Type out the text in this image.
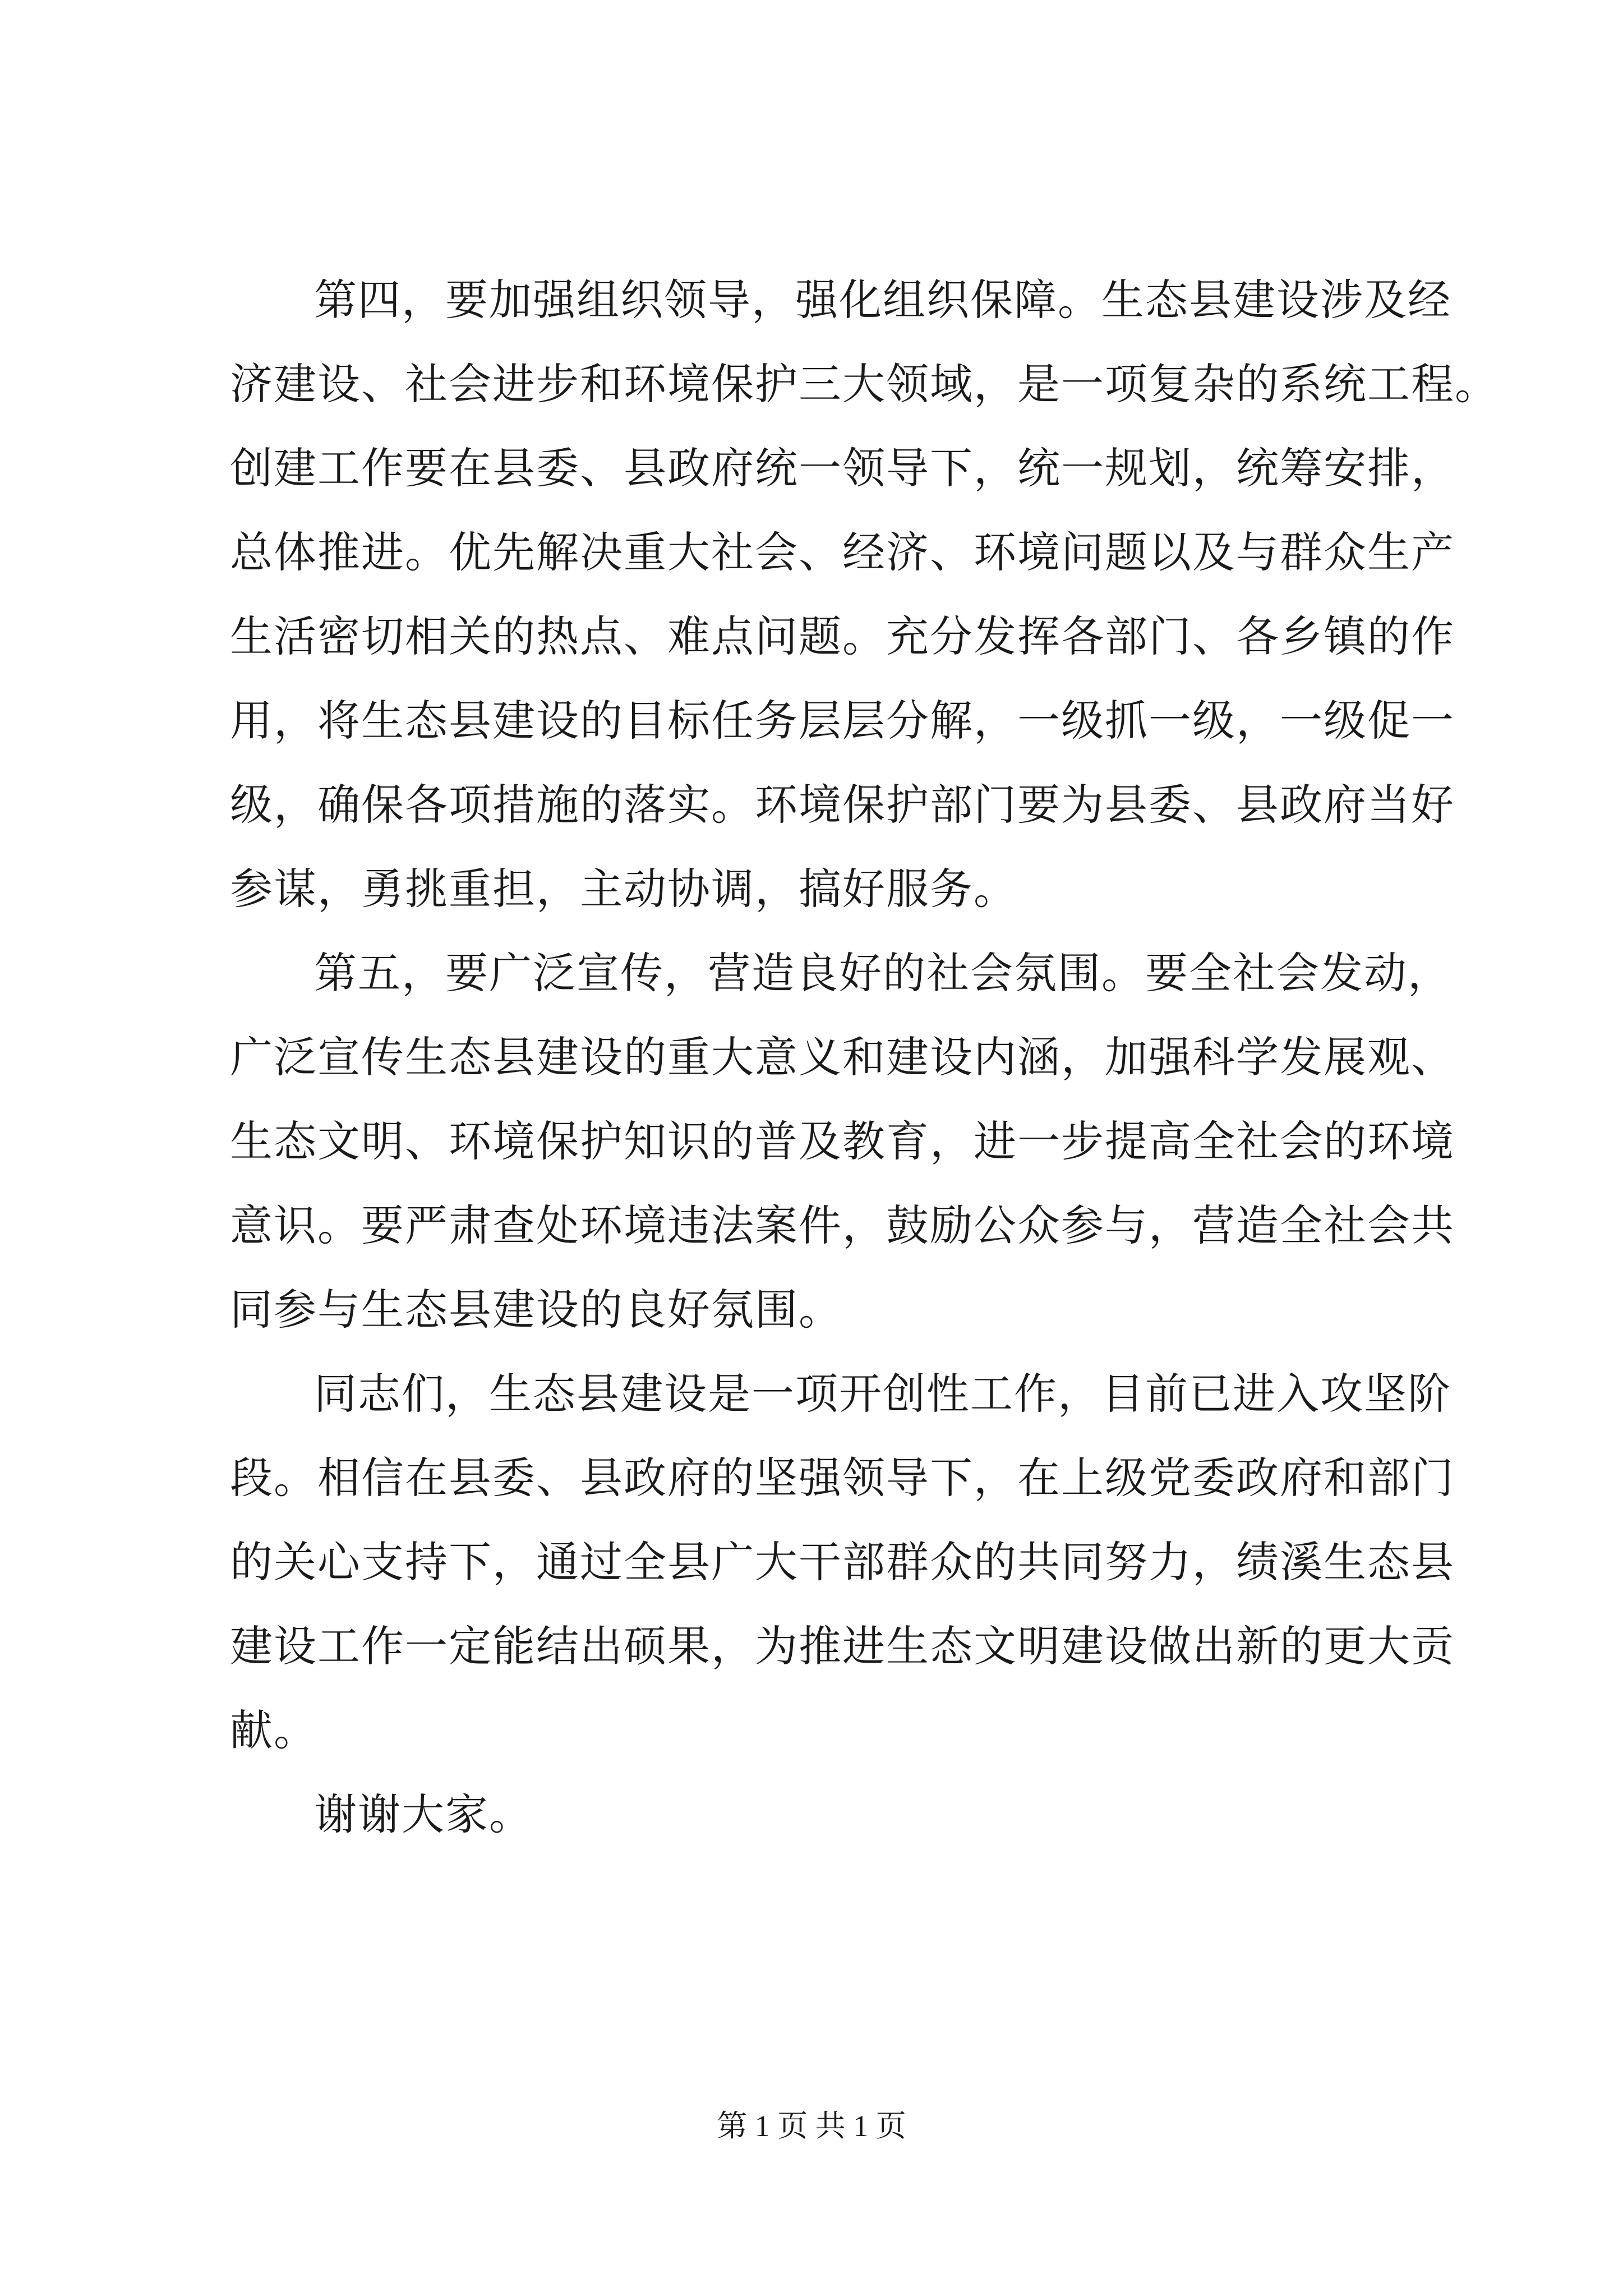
第四，要加强组织领导，强化组织保障。生态县建设涉及经
济建设、社会进步和环境保护三大领域，是一项复杂的系统工程。
创建工作要在县委、县政府统一领导下，统一规划，统筹安排，
总体推进。优先解决重大社会、经济、环境问题以及与群众生产
生活密切相关的热点、难点问题。充分发挥各部门、各乡镇的作
用，将生态县建设的目标任务层层分解，一级抓一级，一级促一
级，确保各项措施的落实。环境保护部门要为县委、县政府当好
参谋，勇挑重担，主动协调，搞好服务。
第五，要广泛宣传，营造良好的社会氛围。要全社会发动，
广泛宣传生态县建设的重大意义和建设内涵，加强科学发展观、
生态文明、环境保护知识的普及教育，进一步提高全社会的环境
意识。要严肃查处环境违法案件，鼓励公众参与，营造全社会共
同参与生态县建设的良好氛围。
同志们，生态县建设是一项开创性工作，目前已进入攻坚阶
段。相信在县委、县政府的坚强领导下，在上级党委政府和部门
的关心支持下，通过全县广大干部群众的共同努力，绩溪生态县
建设工作一定能结出硕果，为推进生态文明建设做出新的更大贡
献。
谢谢大家。
第 1 页 共 1 页
